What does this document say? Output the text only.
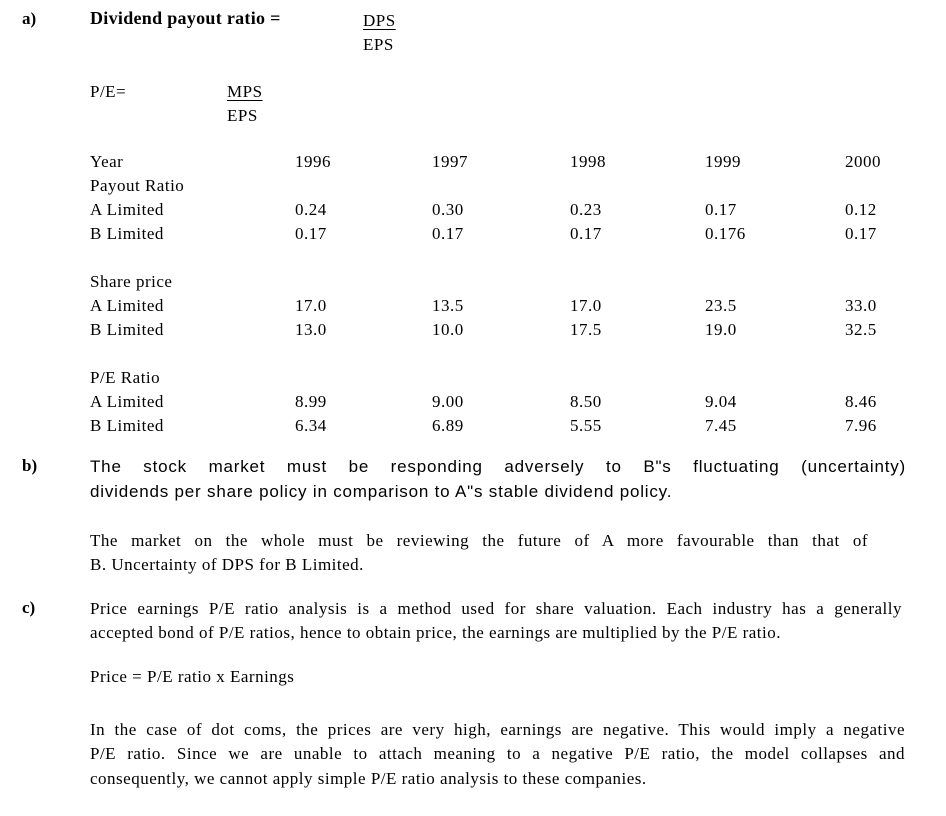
a)	Dividend payout ratio =	DPS
EPS
P/E=	MPS
EPS
Year	1996	1997	1998	1999	2000
Payout Ratio
A Limited	0.24	0.30	0.23	0.17	0.12
B Limited	0.17	0.17	0.17	0.176	0.17
Share price
A Limited	17.0	13.5	17.0	23.5	33.0
B Limited	13.0	10.0	17.5	19.0	32.5
P/E Ratio
A Limited	8.99	9.00	8.50	9.04	8.46
B Limited	6.34	6.89	5.55	7.45	7.96
b)	The stock market must be responding adversely to B"s fluctuating (uncertainty)
dividends per share policy in comparison to A"s stable dividend policy.
The market on the whole must be reviewing the future of A more favourable than that of
B. Uncertainty of DPS for B Limited.
c)	Price earnings P/E ratio analysis is a method used for share valuation. Each industry has a generally
accepted bond of P/E ratios, hence to obtain price, the earnings are multiplied by the P/E ratio.
Price = P/E ratio x Earnings
In the case of dot coms, the prices are very high, earnings are negative. This would imply a negative
P/E ratio. Since we are unable to attach meaning to a negative P/E ratio, the model collapses and
consequently, we cannot apply simple P/E ratio analysis to these companies.
